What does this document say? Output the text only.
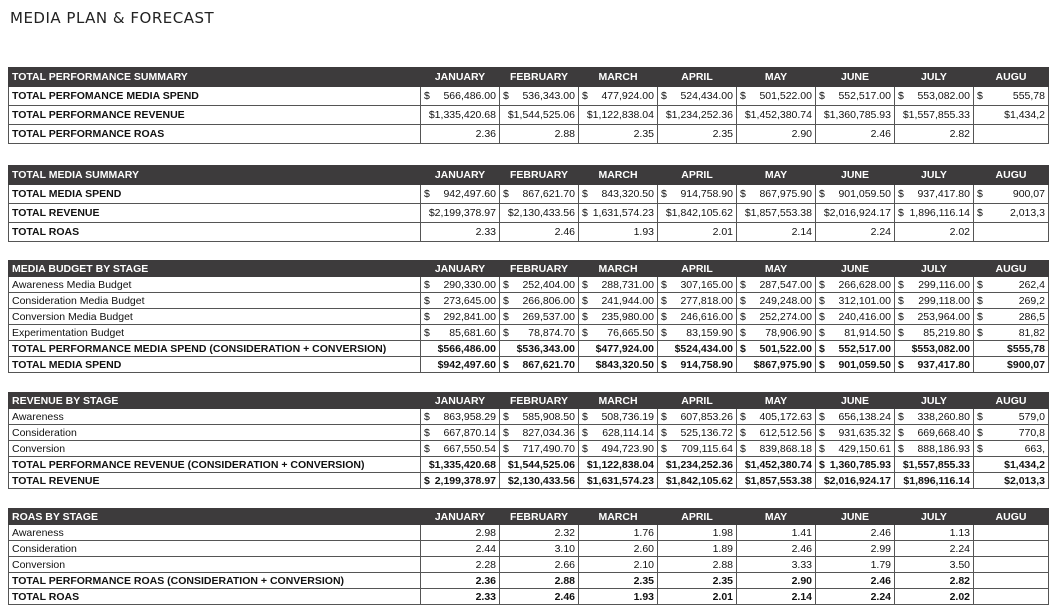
MEDIA PLAN & FORECAST
TOTAL PERFORMANCE SUMMARY	JANUARY	FEBRUARY	MARCH	APRIL	MAY	JUNE	JULY	AUGU
TOTAL PERFOMANCE MEDIA SPEND	$ 566,486.00	$ 536,343.00	$ 477,924.00	$ 524,434.00	$ 501,522.00	$ 552,517.00	$ 553,082.00	$ 555,78

TOTAL PERFORMANCE REVENUE	$1,335,420.68	$1,544,525.06	$1,122,838.04	$1,234,252.36	$1,452,380.74	$1,360,785.93	$1,557,855.33	$1,434,2
TOTAL PERFORMANCE ROAS	2.36	2.88	2.35	2.35	2.90	2.46	2.82	
TOTAL MEDIA SUMMARY	JANUARY	FEBRUARY	MARCH	APRIL	MAY	JUNE	JULY	AUGU
TOTAL MEDIA SPEND	$ 942,497.60	$ 867,621.70	$ 843,320.50	$ 914,758.90	$ 867,975.90	$ 901,059.50	$ 937,417.80	$ 900,07

TOTAL REVENUE	$2,199,378.97	$2,130,433.56	$ 1,631,574.23	$1,842,105.62	$1,857,553.38	$2,016,924.17	$ 1,896,116.14	$ 2,013,3

TOTAL ROAS	2.33	2.46	1.93	2.01	2.14	2.24	2.02	
MEDIA BUDGET BY STAGE	JANUARY	FEBRUARY	MARCH	APRIL	MAY	JUNE	JULY	AUGU
Awareness Media Budget	$ 290,330.00	$ 252,404.00	$ 288,731.00	$ 307,165.00	$ 287,547.00	$ 266,628.00	$ 299,116.00	$ 262,4

Consideration Media Budget	$ 273,645.00	$ 266,806.00	$ 241,944.00	$ 277,818.00	$ 249,248.00	$ 312,101.00	$ 299,118.00	$ 269,2

Conversion Media Budget	$ 292,841.00	$ 269,537.00	$ 235,980.00	$ 246,616.00	$ 252,274.00	$ 240,416.00	$ 253,964.00	$ 286,5

Experimentation Budget	$ 85,681.60	$ 78,874.70	$ 76,665.50	$ 83,159.90	$ 78,906.90	$ 81,914.50	$ 85,219.80	$ 81,82

TOTAL PERFORMANCE MEDIA SPEND (CONSIDERATION + CONVERSION)	$566,486.00	$536,343.00	$477,924.00	$524,434.00	$ 501,522.00	$ 552,517.00	$553,082.00	$555,78
TOTAL MEDIA SPEND	$942,497.60	$ 867,621.70	$843,320.50	$ 914,758.90	$867,975.90	$ 901,059.50	$ 937,417.80	$900,07
REVENUE BY STAGE	JANUARY	FEBRUARY	MARCH	APRIL	MAY	JUNE	JULY	AUGU
Awareness	$ 863,958.29	$ 585,908.50	$ 508,736.19	$ 607,853.26	$ 405,172.63	$ 656,138.24	$ 338,260.80	$ 579,0

Consideration	$ 667,870.14	$ 827,034.36	$ 628,114.14	$ 525,136.72	$ 612,512.56	$ 931,635.32	$ 669,668.40	$ 770,8

Conversion	$ 667,550.54	$ 717,490.70	$ 494,723.90	$ 709,115.64	$ 839,868.18	$ 429,150.61	$ 888,186.93	$ 663,

TOTAL PERFORMANCE REVENUE (CONSIDERATION + CONVERSION)	$1,335,420.68	$1,544,525.06	$1,122,838.04	$1,234,252.36	$1,452,380.74	$ 1,360,785.93	$1,557,855.33	$1,434,2
TOTAL REVENUE	$ 2,199,378.97	$2,130,433.56	$1,631,574.23	$1,842,105.62	$1,857,553.38	$2,016,924.17	$1,896,116.14	$2,013,3
ROAS BY STAGE	JANUARY	FEBRUARY	MARCH	APRIL	MAY	JUNE	JULY	AUGU
Awareness	2.98	2.32	1.76	1.98	1.41	2.46	1.13	
Consideration	2.44	3.10	2.60	1.89	2.46	2.99	2.24	
Conversion	2.28	2.66	2.10	2.88	3.33	1.79	3.50	
TOTAL PERFORMANCE ROAS (CONSIDERATION + CONVERSION)	2.36	2.88	2.35	2.35	2.90	2.46	2.82	
TOTAL ROAS	2.33	2.46	1.93	2.01	2.14	2.24	2.02	
